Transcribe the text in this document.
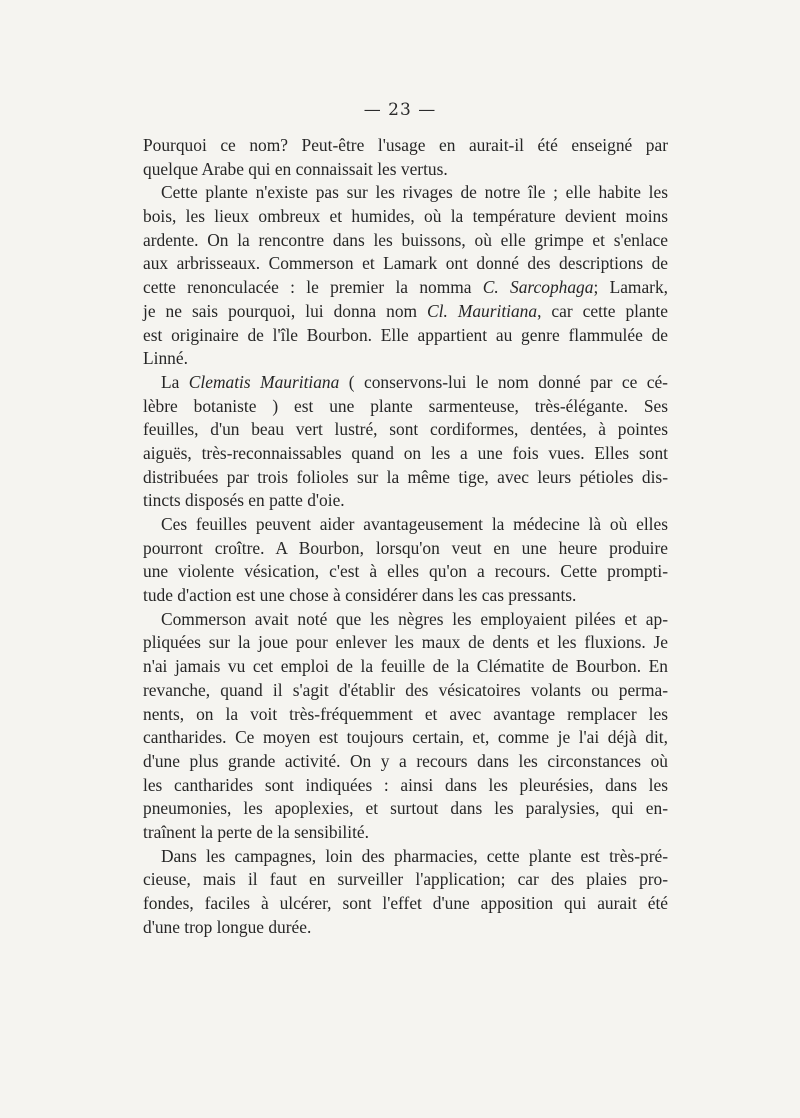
— 23 —
Pourquoi ce nom? Peut-être l'usage en aurait-il été enseigné par
quelque Arabe qui en connaissait les vertus.
Cette plante n'existe pas sur les rivages de notre île ; elle habite les
bois, les lieux ombreux et humides, où la température devient moins
ardente. On la rencontre dans les buissons, où elle grimpe et s'enlace
aux arbrisseaux. Commerson et Lamark ont donné des descriptions de
cette renonculacée : le premier la nomma C. Sarcophaga; Lamark,
je ne sais pourquoi, lui donna nom Cl. Mauritiana, car cette plante
est originaire de l'île Bourbon. Elle appartient au genre flammulée de
Linné.
La Clematis Mauritiana ( conservons-lui le nom donné par ce cé-
lèbre botaniste ) est une plante sarmenteuse, très-élégante. Ses
feuilles, d'un beau vert lustré, sont cordiformes, dentées, à pointes
aiguës, très-reconnaissables quand on les a une fois vues. Elles sont
distribuées par trois folioles sur la même tige, avec leurs pétioles dis-
tincts disposés en patte d'oie.
Ces feuilles peuvent aider avantageusement la médecine là où elles
pourront croître. A Bourbon, lorsqu'on veut en une heure produire
une violente vésication, c'est à elles qu'on a recours. Cette prompti-
tude d'action est une chose à considérer dans les cas pressants.
Commerson avait noté que les nègres les employaient pilées et ap-
pliquées sur la joue pour enlever les maux de dents et les fluxions. Je
n'ai jamais vu cet emploi de la feuille de la Clématite de Bourbon. En
revanche, quand il s'agit d'établir des vésicatoires volants ou perma-
nents, on la voit très-fréquemment et avec avantage remplacer les
cantharides. Ce moyen est toujours certain, et, comme je l'ai déjà dit,
d'une plus grande activité. On y a recours dans les circonstances où
les cantharides sont indiquées : ainsi dans les pleurésies, dans les
pneumonies, les apoplexies, et surtout dans les paralysies, qui en-
traînent la perte de la sensibilité.
Dans les campagnes, loin des pharmacies, cette plante est très-pré-
cieuse, mais il faut en surveiller l'application; car des plaies pro-
fondes, faciles à ulcérer, sont l'effet d'une apposition qui aurait été
d'une trop longue durée.
